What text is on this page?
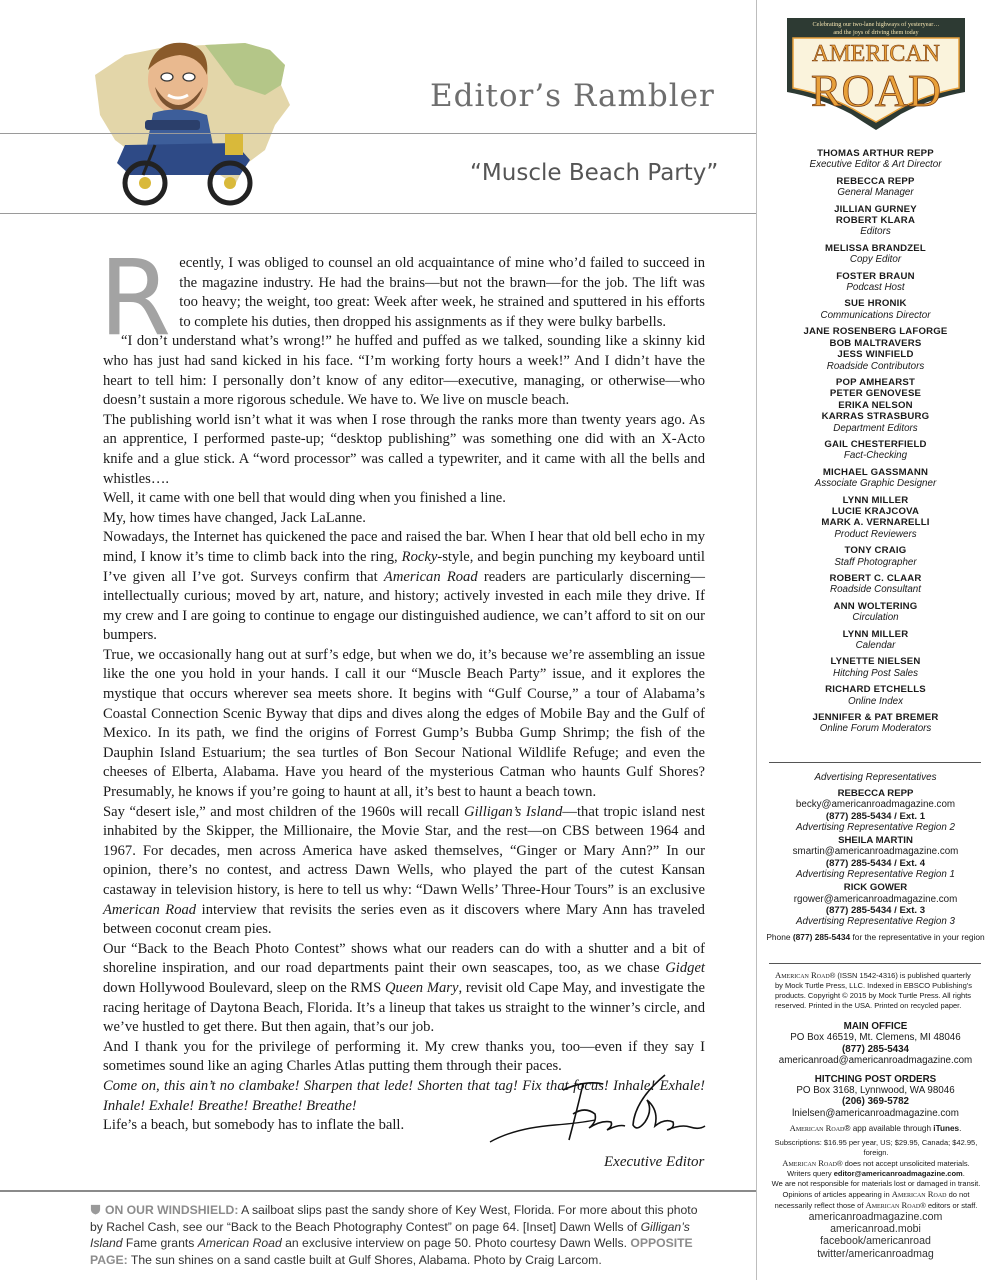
Editor’s Rambler
“Muscle Beach Party”
R ecently, I was obliged to counsel an old acquaintance of mine who’d failed to succeed in the magazine industry. He had the brains—but not the brawn—for the job. The lift was too heavy; the weight, too great: Week after week, he strained and sputtered in his efforts to complete his duties, then dropped his assignments as if they were bulky barbells.

“I don’t understand what’s wrong!” he huffed and puffed as we talked, sounding like a skinny kid who has just had sand kicked in his face. “I’m working forty hours a week!” And I didn’t have the heart to tell him: I personally don’t know of any editor—executive, managing, or otherwise—who doesn’t sustain a more rigorous schedule. We have to. We live on muscle beach.

The publishing world isn’t what it was when I rose through the ranks more than twenty years ago. As an apprentice, I performed paste-up; “desktop publishing” was something one did with an X-Acto knife and a glue stick. A “word processor” was called a typewriter, and it came with all the bells and whistles….

Well, it came with one bell that would ding when you finished a line.

My, how times have changed, Jack LaLanne.

Nowadays, the Internet has quickened the pace and raised the bar. When I hear that old bell echo in my mind, I know it’s time to climb back into the ring, Rocky-style, and begin punching my keyboard until I’ve given all I’ve got. Surveys confirm that American Road readers are particularly discerning—intellectually curious; moved by art, nature, and history; actively invested in each mile they drive. If my crew and I are going to continue to engage our distinguished audience, we can’t afford to sit on our bumpers.

True, we occasionally hang out at surf’s edge, but when we do, it’s because we’re assembling an issue like the one you hold in your hands. I call it our “Muscle Beach Party” issue, and it explores the mystique that occurs wherever sea meets shore. It begins with “Gulf Course,” a tour of Alabama’s Coastal Connection Scenic Byway that dips and dives along the edges of Mobile Bay and the Gulf of Mexico. In its path, we find the origins of Forrest Gump’s Bubba Gump Shrimp; the fish of the Dauphin Island Estuarium; the sea turtles of Bon Secour National Wildlife Refuge; and even the cheeses of Elberta, Alabama. Have you heard of the mysterious Catman who haunts Gulf Shores? Presumably, he knows if you’re going to haunt at all, it’s best to haunt a beach town.

Say “desert isle,” and most children of the 1960s will recall Gilligan’s Island—that tropic island nest inhabited by the Skipper, the Millionaire, the Movie Star, and the rest—on CBS between 1964 and 1967. For decades, men across America have asked themselves, “Ginger or Mary Ann?” In our opinion, there’s no contest, and actress Dawn Wells, who played the part of the cutest Kansan castaway in television history, is here to tell us why: “Dawn Wells’ Three-Hour Tours” is an exclusive American Road interview that revisits the series even as it discovers where Mary Ann has traveled between coconut cream pies.

Our “Back to the Beach Photo Contest” shows what our readers can do with a shutter and a bit of shoreline inspiration, and our road departments paint their own seascapes, too, as we chase Gidget down Hollywood Boulevard, sleep on the RMS Queen Mary, revisit old Cape May, and investigate the racing heritage of Daytona Beach, Florida. It’s a lineup that takes us straight to the winner’s circle, and we’ve hustled to get there. But then again, that’s our job.

And I thank you for the privilege of performing it. My crew thanks you, too—even if they say I sometimes sound like an aging Charles Atlas putting them through their paces.

Come on, this ain’t no clambake! Sharpen that lede! Shorten that tag! Fix that focus! Inhale! Exhale! Inhale! Exhale! Breathe! Breathe! Breathe!

Life’s a beach, but somebody has to inflate the ball.

Executive Editor
ON OUR WINDSHIELD: A sailboat slips past the sandy shore of Key West, Florida. For more about this photo by Rachel Cash, see our “Back to the Beach Photography Contest” on page 64. [Inset] Dawn Wells of Gilligan’s Island Fame grants American Road an exclusive interview on page 50. Photo courtesy Dawn Wells. OPPOSITE PAGE: The sun shines on a sand castle built at Gulf Shores, Alabama. Photo by Craig Larcom.
Celebrating our two-lane highways of yesteryear…
and the joys of driving them today
AMERICAN
ROAD
THOMAS ARTHUR REPP
Executive Editor & Art Director
REBECCA REPP
General Manager
JILLIAN GURNEY
ROBERT KLARA
Editors
MELISSA BRANDZEL
Copy Editor
FOSTER BRAUN
Podcast Host
SUE HRONIK
Communications Director
JANE ROSENBERG LAFORGE
BOB MALTRAVERS
JESS WINFIELD
Roadside Contributors
POP AMHEARST
PETER GENOVESE
ERIKA NELSON
KARRAS STRASBURG
Department Editors
GAIL CHESTERFIELD
Fact-Checking
MICHAEL GASSMANN
Associate Graphic Designer
LYNN MILLER
LUCIE KRAJCOVA
MARK A. VERNARELLI
Product Reviewers
TONY CRAIG
Staff Photographer
ROBERT C. CLAAR
Roadside Consultant
ANN WOLTERING
Circulation
LYNN MILLER
Calendar
LYNETTE NIELSEN
Hitching Post Sales
RICHARD ETCHELLS
Online Index
JENNIFER & PAT BREMER
Online Forum Moderators
Advertising Representatives
REBECCA REPP
becky@americanroadmagazine.com
(877) 285-5434 / Ext. 1
Advertising Representative Region 2
SHEILA MARTIN
smartin@americanroadmagazine.com
(877) 285-5434 / Ext. 4
Advertising Representative Region 1
RICK GOWER
rgower@americanroadmagazine.com
(877) 285-5434 / Ext. 3
Advertising Representative Region 3
Phone (877) 285-5434 for the representative in your region
American Road® (ISSN 1542-4316) is published quarterly by Mock Turtle Press, LLC. Indexed in EBSCO Publishing’s products. Copyright © 2015 by Mock Turtle Press. All rights reserved. Printed in the USA. Printed on recycled paper.
MAIN OFFICE
PO Box 46519, Mt. Clemens, MI 48046
(877) 285-5434
americanroad@americanroadmagazine.com
HITCHING POST ORDERS
PO Box 3168, Lynnwood, WA 98046
(206) 369-5782
lnielsen@americanroadmagazine.com
American Road® app available through iTunes.
Subscriptions: $16.95 per year, US; $29.95, Canada; $42.95, foreign.
American Road® does not accept unsolicited materials.
Writers query editor@americanroadmagazine.com.
We are not responsible for materials lost or damaged in transit.
Opinions of articles appearing in American Road do not necessarily reflect those of American Road® editors or staff.
americanroadmagazine.com
americanroad.mobi
facebook/americanroad
twitter/americanroadmag
